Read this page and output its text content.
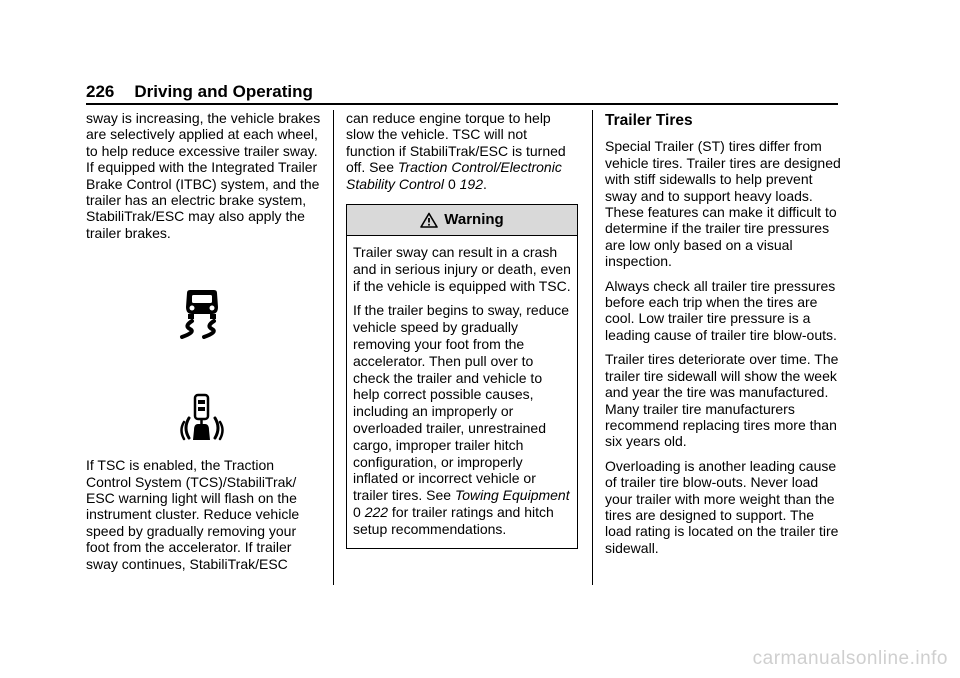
226 Driving and Operating

sway is increasing, the vehicle brakes are selectively applied at each wheel, to help reduce excessive trailer sway. If equipped with the Integrated Trailer Brake Control (ITBC) system, and the trailer has an electric brake system, StabiliTrak/ESC may also apply the trailer brakes.

If TSC is enabled, the Traction Control System (TCS)/StabiliTrak/ ESC warning light will flash on the instrument cluster. Reduce vehicle speed by gradually removing your foot from the accelerator. If trailer sway continues, StabiliTrak/ESC

can reduce engine torque to help slow the vehicle. TSC will not function if StabiliTrak/ESC is turned off. See Traction Control/Electronic Stability Control 0 192.

Warning

Trailer sway can result in a crash and in serious injury or death, even if the vehicle is equipped with TSC.

If the trailer begins to sway, reduce vehicle speed by gradually removing your foot from the accelerator. Then pull over to check the trailer and vehicle to help correct possible causes, including an improperly or overloaded trailer, unrestrained cargo, improper trailer hitch configuration, or improperly inflated or incorrect vehicle or trailer tires. See Towing Equipment 0 222 for trailer ratings and hitch setup recommendations.

Trailer Tires

Special Trailer (ST) tires differ from vehicle tires. Trailer tires are designed with stiff sidewalls to help prevent sway and to support heavy loads. These features can make it difficult to determine if the trailer tire pressures are low only based on a visual inspection.

Always check all trailer tire pressures before each trip when the tires are cool. Low trailer tire pressure is a leading cause of trailer tire blow-outs.

Trailer tires deteriorate over time. The trailer tire sidewall will show the week and year the tire was manufactured. Many trailer tire manufacturers recommend replacing tires more than six years old.

Overloading is another leading cause of trailer tire blow-outs. Never load your trailer with more weight than the tires are designed to support. The load rating is located on the trailer tire sidewall.

carmanualsonline.info
